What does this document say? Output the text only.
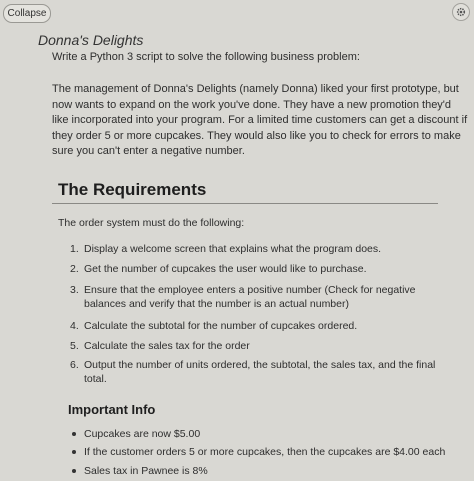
Collapse
Donna's Delights
Write a Python 3 script to solve the following business problem:
The management of Donna's Delights (namely Donna) liked your first prototype, but
now wants to expand on the work you've done. They have a new promotion they'd
like incorporated into your program. For a limited time customers can get a discount if
they order 5 or more cupcakes. They would also like you to check for errors to make
sure you can't enter a negative number.
The Requirements
The order system must do the following:
1. Display a welcome screen that explains what the program does.
2. Get the number of cupcakes the user would like to purchase.
3. Ensure that the employee enters a positive number (Check for negative
balances and verify that the number is an actual number)
4. Calculate the subtotal for the number of cupcakes ordered.
5. Calculate the sales tax for the order
6. Output the number of units ordered, the subtotal, the sales tax, and the final
total.
Important Info
Cupcakes are now $5.00
If the customer orders 5 or more cupcakes, then the cupcakes are $4.00 each
Sales tax in Pawnee is 8%
